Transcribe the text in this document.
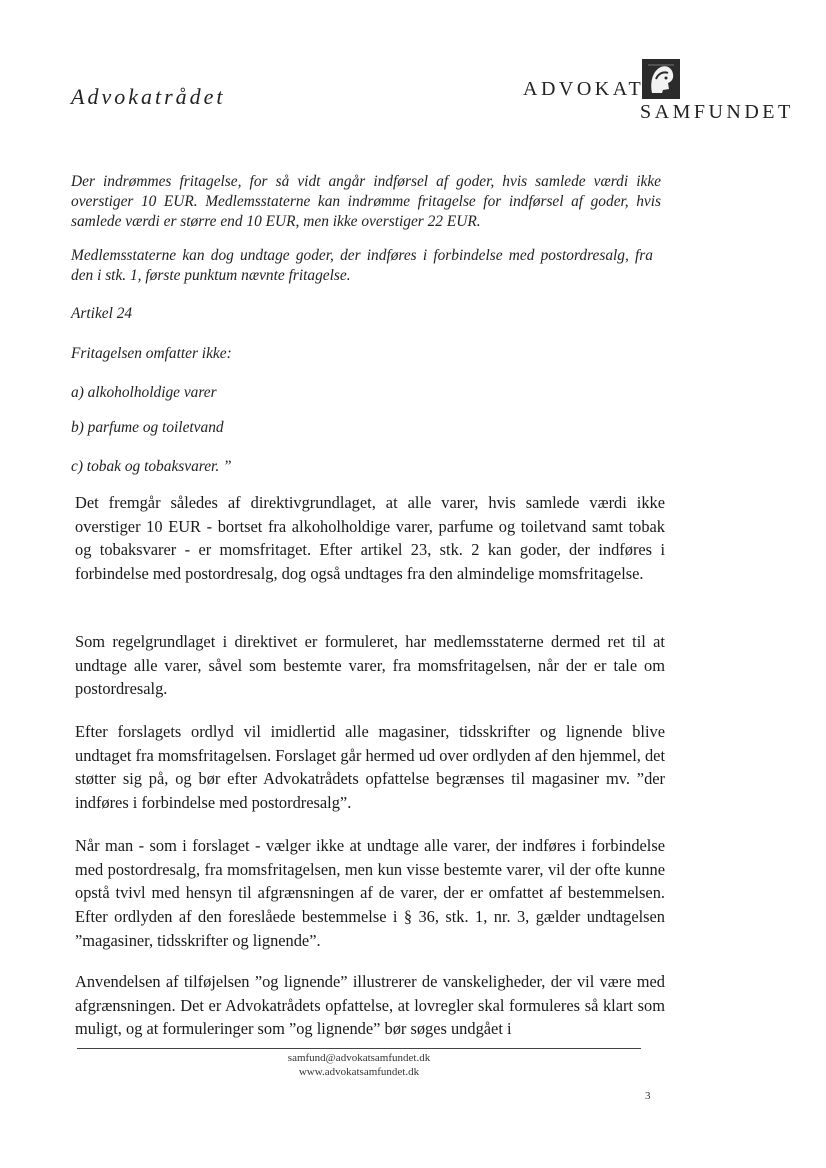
Advokatrådet	ADVOKAT
SAMFUNDET
Der indrømmes fritagelse, for så vidt angår indførsel af goder, hvis samlede værdi ikke overstiger 10 EUR. Medlemsstaterne kan indrømme fritagelse for indførsel af goder, hvis samlede værdi er større end 10 EUR, men ikke overstiger 22 EUR.
Medlemsstaterne kan dog undtage goder, der indføres i forbindelse med postordresalg, fra den i stk. 1, første punktum nævnte fritagelse.
Artikel 24
Fritagelsen omfatter ikke:
a) alkoholholdige varer
b) parfume og toiletvand
c) tobak og tobaksvarer. ”
Det fremgår således af direktivgrundlaget, at alle varer, hvis samlede værdi ikke overstiger 10 EUR - bortset fra alkoholholdige varer, parfume og toiletvand samt tobak og tobaksvarer - er momsfritaget. Efter artikel 23, stk. 2 kan goder, der indføres i forbindelse med postordresalg, dog også undtages fra den almindelige momsfritagelse.
Som regelgrundlaget i direktivet er formuleret, har medlemsstaterne dermed ret til at undtage alle varer, såvel som bestemte varer, fra momsfritagelsen, når der er tale om postordresalg.
Efter forslagets ordlyd vil imidlertid alle magasiner, tidsskrifter og lignende blive undtaget fra momsfritagelsen. Forslaget går hermed ud over ordlyden af den hjemmel, det støtter sig på, og bør efter Advokatrådets opfattelse begrænses til magasiner mv. ”der indføres i forbindelse med postordresalg”.
Når man - som i forslaget - vælger ikke at undtage alle varer, der indføres i forbindelse med postordresalg, fra momsfritagelsen, men kun visse bestemte varer, vil der ofte kunne opstå tvivl med hensyn til afgrænsningen af de varer, der er omfattet af bestemmelsen. Efter ordlyden af den foreslåede bestemmelse i § 36, stk. 1, nr. 3, gælder undtagelsen ”magasiner, tidsskrifter og lignende”.
Anvendelsen af tilføjelsen ”og lignende” illustrerer de vanskeligheder, der vil være med afgrænsningen. Det er Advokatrådets opfattelse, at lovregler skal formuleres så klart som muligt, og at formuleringer som ”og lignende” bør søges undgået i
samfund@advokatsamfundet.dk
www.advokatsamfundet.dk
3
